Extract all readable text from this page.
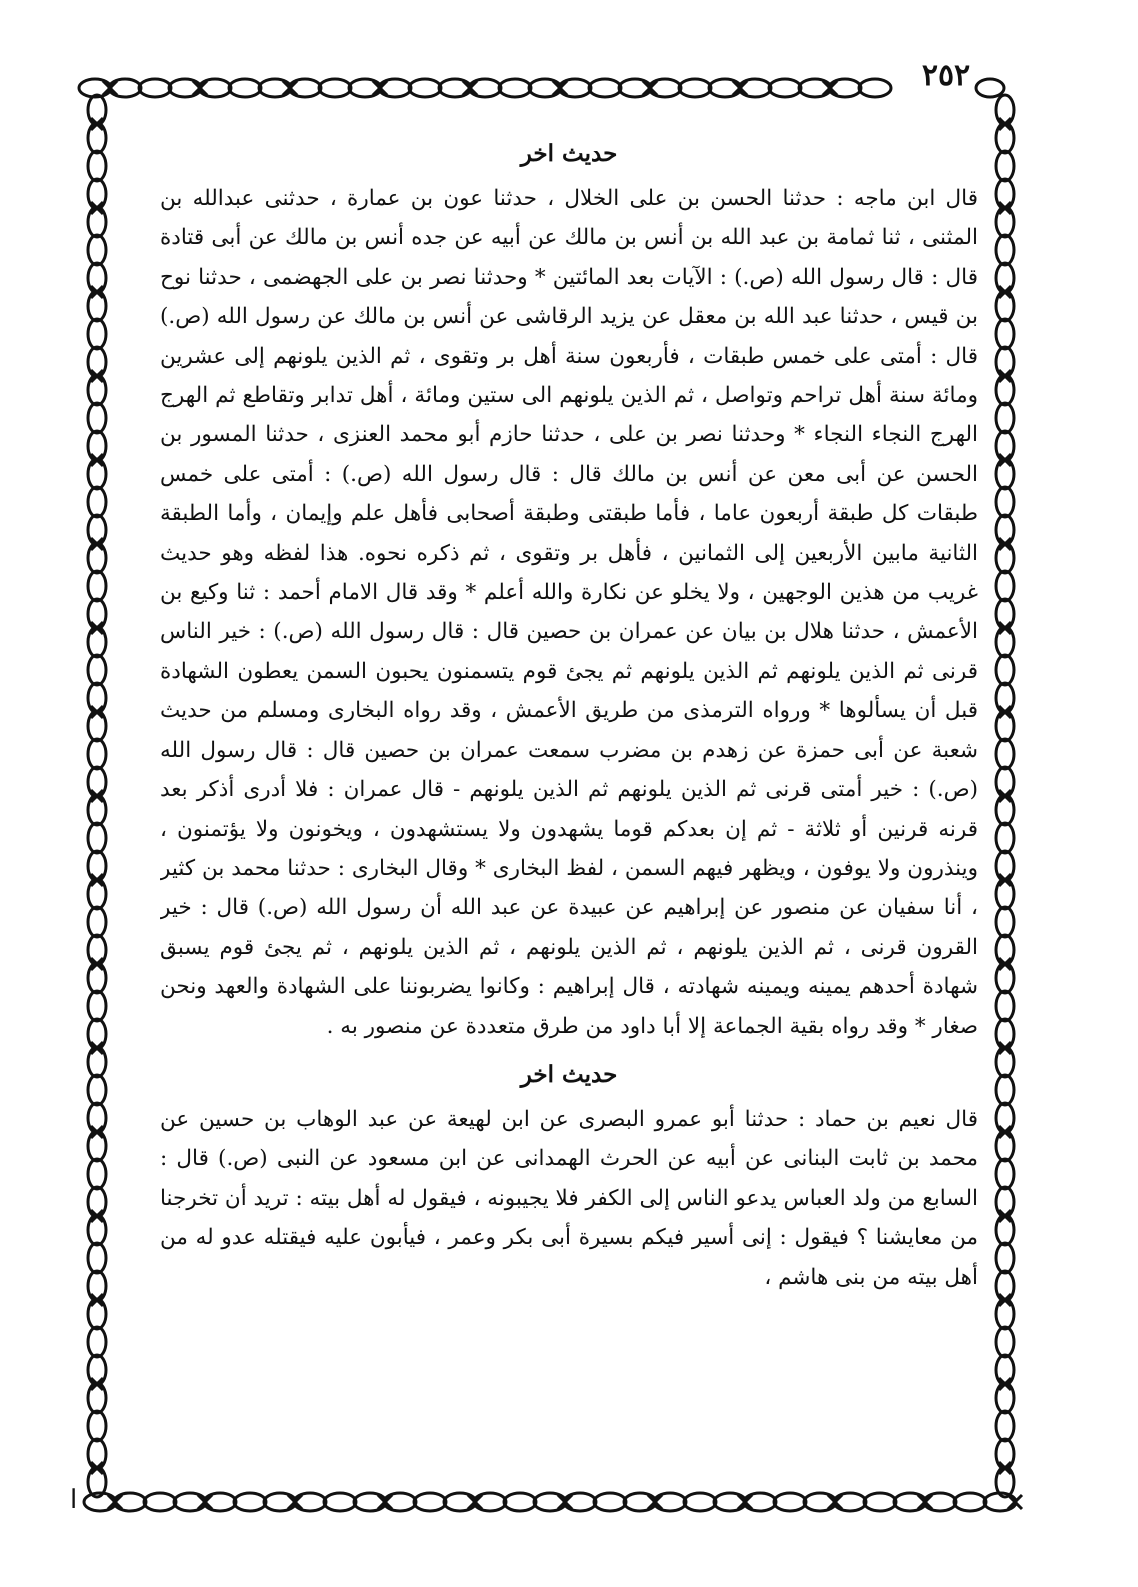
٢٥٢
حديث اخر

قال ابن ماجه : حدثنا الحسن بن على الخلال ، حدثنا عون بن عمارة ، حدثنى عبدالله بن المثنى ، ثنا ثمامة بن عبد الله بن أنس بن مالك عن أبيه عن جده أنس بن مالك عن أبى قتادة قال : قال رسول الله (ص.) : الآيات بعد المائتين * وحدثنا نصر بن على الجهضمى ، حدثنا نوح بن قيس ، حدثنا عبد الله بن معقل عن يزيد الرقاشى عن أنس بن مالك عن رسول الله (ص.) قال : أمتى على خمس طبقات ، فأربعون سنة أهل بر وتقوى ، ثم الذين يلونهم إلى عشرين ومائة سنة أهل تراحم وتواصل ، ثم الذين يلونهم الى ستين ومائة ، أهل تدابر وتقاطع ثم الهرج الهرج النجاء النجاء * وحدثنا نصر بن على ، حدثنا حازم أبو محمد العنزى ، حدثنا المسور بن الحسن عن أبى معن عن أنس بن مالك قال : قال رسول الله (ص.) : أمتى على خمس طبقات كل طبقة أربعون عاما ، فأما طبقتى وطبقة أصحابى فأهل علم وإيمان ، وأما الطبقة الثانية مابين الأربعين إلى الثمانين ، فأهل بر وتقوى ، ثم ذكره نحوه. هذا لفظه وهو حديث غريب من هذين الوجهين ، ولا يخلو عن نكارة والله أعلم * وقد قال الامام أحمد : ثنا وكيع بن الأعمش ، حدثنا هلال بن بيان عن عمران بن حصين قال : قال رسول الله (ص.) : خير الناس قرنى ثم الذين يلونهم ثم الذين يلونهم ثم يجئ قوم يتسمنون يحبون السمن يعطون الشهادة قبل أن يسألوها * ورواه الترمذى من طريق الأعمش ، وقد رواه البخارى ومسلم من حديث شعبة عن أبى حمزة عن زهدم بن مضرب سمعت عمران بن حصين قال : قال رسول الله (ص.) : خير أمتى قرنى ثم الذين يلونهم ثم الذين يلونهم - قال عمران : فلا أدرى أذكر بعد قرنه قرنين أو ثلاثة - ثم إن بعدكم قوما يشهدون ولا يستشهدون ، ويخونون ولا يؤتمنون ، وينذرون ولا يوفون ، ويظهر فيهم السمن ، لفظ البخارى * وقال البخارى : حدثنا محمد بن كثير ، أنا سفيان عن منصور عن إبراهيم عن عبيدة عن عبد الله أن رسول الله (ص.) قال : خير القرون قرنى ، ثم الذين يلونهم ، ثم الذين يلونهم ، ثم الذين يلونهم ، ثم يجئ قوم يسبق شهادة أحدهم يمينه ويمينه شهادته ، قال إبراهيم : وكانوا يضربوننا على الشهادة والعهد ونحن صغار * وقد رواه بقية الجماعة إلا أبا داود من طرق متعددة عن منصور به .

حديث اخر

قال نعيم بن حماد : حدثنا أبو عمرو البصرى عن ابن لهيعة عن عبد الوهاب بن حسين عن محمد بن ثابت البنانى عن أبيه عن الحرث الهمدانى عن ابن مسعود عن النبى (ص.) قال : السابع من ولد العباس يدعو الناس إلى الكفر فلا يجيبونه ، فيقول له أهل بيته : تريد أن تخرجنا من معايشنا ؟ فيقول : إنى أسير فيكم بسيرة أبى بكر وعمر ، فيأبون عليه فيقتله عدو له من أهل بيته من بنى هاشم ،

ا
